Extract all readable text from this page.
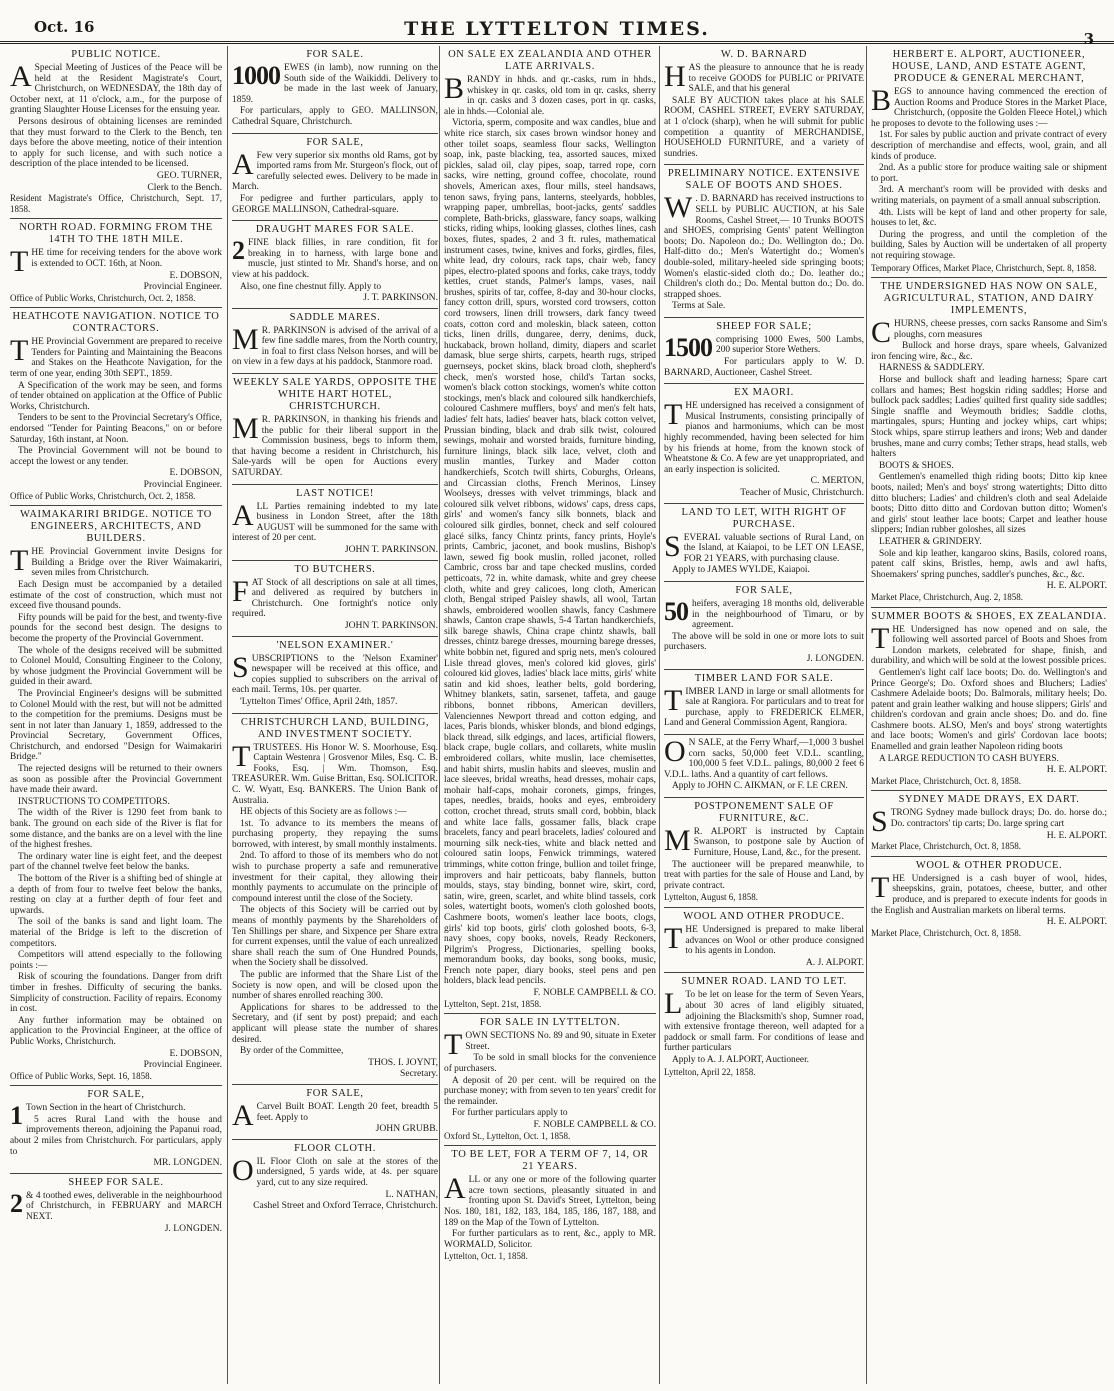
Oct. 16	THE LYTTELTON TIMES.	3
PUBLIC NOTICE.

A Special Meeting of Justices of the Peace will be held at the Resident Magistrate's Court, Christchurch, on WEDNESDAY, the 18th day of October next, at 11 o'clock, a.m., for the purpose of granting Slaughter House Licenses for the ensuing year.

Persons desirous of obtaining licenses are reminded that they must forward to the Clerk to the Bench, ten days before the above meeting, notice of their intention to apply for such license, and with such notice a description of the place intended to be licensed.

GEO. TURNER,
Clerk to the Bench.
Resident Magistrate's Office, Christchurch, Sept. 17, 1858.
NORTH ROAD. FORMING FROM THE 14TH TO THE 18TH MILE.

THE time for receiving tenders for the above work is extended to OCT. 16th, at Noon.

E. DOBSON,
Provincial Engineer.
Office of Public Works, Christchurch, Oct. 2, 1858.
HEATHCOTE NAVIGATION. NOTICE TO CONTRACTORS.

THE Provincial Government are prepared to receive Tenders for Painting and Maintaining the Beacons and Stakes on the Heathcote Navigation, for the term of one year, ending 30th SEPT., 1859.

A Specification of the work may be seen, and forms of tender obtained on application at the Office of Public Works, Christchurch.

Tenders to be sent to the Provincial Secretary's Office, endorsed "Tender for Painting Beacons," on or before Saturday, 16th instant, at Noon.

The Provincial Government will not be bound to accept the lowest or any tender.

E. DOBSON,
Provincial Engineer.
Office of Public Works, Christchurch, Oct. 2, 1858.
WAIMAKARIRI BRIDGE. NOTICE TO ENGINEERS, ARCHITECTS, AND BUILDERS.

THE Provincial Government invite Designs for Building a Bridge over the River Waimakariri, seven miles from Christchurch.

Each Design must be accompanied by a detailed estimate of the cost of construction, which must not exceed five thousand pounds.

Fifty pounds will be paid for the best, and twenty-five pounds for the second best design. The designs to become the property of the Provincial Government.

The whole of the designs received will be submitted to Colonel Mould, Consulting Engineer to the Colony, by whose judgment the Provincial Government will be guided in their award.

The Provincial Engineer's designs will be submitted to Colonel Mould with the rest, but will not be admitted to the competition for the premiums. Designs must be sent in not later than January 1, 1859, addressed to the Provincial Secretary, Government Offices, Christchurch, and endorsed "Design for Waimakariri Bridge."

The rejected designs will be returned to their owners as soon as possible after the Provincial Government have made their award.

INSTRUCTIONS TO COMPETITORS.

The width of the River is 1290 feet from bank to bank. The ground on each side of the River is flat for some distance, and the banks are on a level with the line of the highest freshes.

The ordinary water line is eight feet, and the deepest part of the channel twelve feet below the banks.

The bottom of the River is a shifting bed of shingle at a depth of from four to twelve feet below the banks, resting on clay at a further depth of four feet and upwards.

The soil of the banks is sand and light loam. The material of the Bridge is left to the discretion of competitors.

Competitors will attend especially to the following points :—

Risk of scouring the foundations. Danger from drift timber in freshes. Difficulty of securing the banks. Simplicity of construction. Facility of repairs. Economy in cost.

Any further information may be obtained on application to the Provincial Engineer, at the office of Public Works, Christchurch.

E. DOBSON,
Provincial Engineer.
Office of Public Works, Sept. 16, 1858.
FOR SALE,

1 Town Section in the heart of Christchurch.

5 acres Rural Land with the house and improvements thereon, adjoining the Papanui road, about 2 miles from Christchurch. For particulars, apply to

MR. LONGDEN.
SHEEP FOR SALE.

2 & 4 toothed ewes, deliverable in the neighbourhood of Christchurch, in FEBRUARY and MARCH NEXT.

J. LONGDEN.
FOR SALE.

1000 EWES (in lamb), now running on the South side of the Waikiddi. Delivery to be made in the last week of January, 1859.

For particulars, apply to GEO. MALLINSON, Cathedral Square, Christchurch.

FOR SALE,

A Few very superior six months old Rams, got by imported rams from Mr. Sturgeon's flock, out of carefully selected ewes. Delivery to be made in March.

For pedigree and further particulars, apply to GEORGE MALLINSON, Cathedral-square.

DRAUGHT MARES FOR SALE.

2 FINE black fillies, in rare condition, fit for breaking in to harness, with large bone and muscle, just stinted to Mr. Shand's horse, and on view at his paddock.

Also, one fine chestnut filly. Apply to

J. T. PARKINSON.
SADDLE MARES.

M R. PARKINSON is advised of the arrival of a few fine saddle mares, from the North country, in foal to first class Nelson horses, and will be on view in a few days at his paddock, Stanmore road.

WEEKLY SALE YARDS, OPPOSITE THE WHITE HART HOTEL, CHRISTCHURCH.

M R. PARKINSON, in thanking his friends and the public for their liberal support in the Commission business, begs to inform them, that having become a resident in Christchurch, his Sale-yards will be open for Auctions every SATURDAY.

LAST NOTICE!

ALL Parties remaining indebted to my late business in London Street, after the 18th AUGUST will be summoned for the same with interest of 20 per cent.

JOHN T. PARKINSON.
TO BUTCHERS.

FAT Stock of all descriptions on sale at all times, and delivered as required by butchers in Christchurch. One fortnight's notice only required.

JOHN T. PARKINSON.
'NELSON EXAMINER.'

SUBSCRIPTIONS to the 'Nelson Examiner' newspaper will be received at this office, and copies supplied to subscribers on the arrival of each mail. Terms, 10s. per quarter.

'Lyttelton Times' Office, April 24th, 1857.

CHRISTCHURCH LAND, BUILDING, AND INVESTMENT SOCIETY.

TTRUSTEES. His Honor W. S. Moorhouse, Esq. Captain Westenra | Grosvenor Miles, Esq. C. B. Fooks, Esq. | Wm. Thomson, Esq. TREASURER. Wm. Guise Brittan, Esq. SOLICITOR. C. W. Wyatt, Esq. BANKERS. The Union Bank of Australia.

HE objects of this Society are as follows :—

1st. To advance to its members the means of purchasing property, they repaying the sums borrowed, with interest, by small monthly instalments.

2nd. To afford to those of its members who do not wish to purchase property a safe and remunerative investment for their capital, they allowing their monthly payments to accumulate on the principle of compound interest until the close of the Society.

The objects of this Society will be carried out by means of monthly payments by the Shareholders of Ten Shillings per share, and Sixpence per Share extra for current expenses, until the value of each unrealized share shall reach the sum of One Hundred Pounds, when the Society shall be dissolved.

The public are informed that the Share List of the Society is now open, and will be closed upon the number of shares enrolled reaching 300.

Applications for shares to be addressed to the Secretary, and (if sent by post) prepaid; and each applicant will please state the number of shares desired.

By order of the Committee,

THOS. I. JOYNT,
Secretary.
FOR SALE,

A Carvel Built BOAT. Length 20 feet, breadth 5 feet. Apply to

JOHN GRUBB.
FLOOR CLOTH.

OIL Floor Cloth on sale at the stores of the undersigned, 5 yards wide, at 4s. per square yard, cut to any size required.

L. NATHAN,
Cashel Street and Oxford Terrace, Christchurch.
ON SALE EX ZEALANDIA AND OTHER LATE ARRIVALS.

BRANDY in hhds. and qr.-casks, rum in hhds., whiskey in qr. casks, old tom in qr. casks, sherry in qr. casks and 3 dozen cases, port in qr. casks, ale in hhds.—Colonial ale.

Victoria, sperm, composite and wax candles, blue and white rice starch, six cases brown windsor honey and other toilet soaps, seamless flour sacks, Wellington soap, ink, paste blacking, tea, assorted sauces, mixed pickles, salad oil, clay pipes, soap, tarred rope, corn sacks, wire netting, ground coffee, chocolate, round shovels, American axes, flour mills, steel handsaws, tenon saws, frying pans, lanterns, steelyards, hobbles, wrapping paper, umbrellas, boot-jacks, gents' saddles complete, Bath-bricks, glassware, fancy soaps, walking sticks, riding whips, looking glasses, clothes lines, cash boxes, flutes, spades, 2 and 3 ft. rules, mathematical instrument cases, twine, knives and forks, girdles, files, white lead, dry colours, rack taps, chair web, fancy pipes, electro-plated spoons and forks, cake trays, toddy kettles, cruet stands, Palmer's lamps, vases, nail brushes, spirits of tar, coffee, 8-day and 30-hour clocks, fancy cotton drill, spurs, worsted cord trowsers, cotton cord trowsers, linen drill trowsers, dark fancy tweed coats, cotton cord and moleskin, black sateen, cotton ticks, linen drills, dungaree, derry, denims, duck, huckaback, brown holland, dimity, diapers and scarlet damask, blue serge shirts, carpets, hearth rugs, striped guernseys, pocket skins, black broad cloth, shepherd's check, men's worsted hose, child's Tartan socks, women's black cotton stockings, women's white cotton stockings, men's black and coloured silk handkerchiefs, coloured Cashmere mufflers, boys' and men's felt hats, ladies' felt hats, ladies' beaver hats, black cotton velvet, Prussian binding, black and drab silk twist, coloured sewings, mohair and worsted braids, furniture binding, furniture linings, black silk lace, velvet, cloth and muslin mantles, Turkey and Mader cotton handkerchiefs, Scotch twill shirts, Coburghs, Orleans, and Circassian cloths, French Merinos, Linsey Woolseys, dresses with velvet trimmings, black and coloured silk velvet ribbons, widows' caps, dress caps, girls' and women's fancy silk bonnets, black and coloured silk girdles, bonnet, check and self coloured glacé silks, fancy Chintz prints, fancy prints, Hoyle's prints, Cambric, jaconet, and book muslins, Bishop's lawn, sewed fig book muslin, rolled jaconet, rolled Cambric, cross bar and tape checked muslins, corded petticoats, 72 in. white damask, white and grey cheese cloth, white and grey calicoes, long cloth, American cloth, Bengal striped Paisley shawls, all wool, Tartan shawls, embroidered woollen shawls, fancy Cashmere shawls, Canton crape shawls, 5-4 Tartan handkerchiefs, silk barege shawls, China crape chintz shawls, ball dresses, chintz barege dresses, mourning barege dresses, white bobbin net, figured and sprig nets, men's coloured Lisle thread gloves, men's colored kid gloves, girls' coloured kid gloves, ladies' black lace mitts, girls' white satin and kid shoes, leather belts, gold bordering, Whitney blankets, satin, sarsenet, taffeta, and gauge ribbons, bonnet ribbons, American devillers, Valenciennes Newport thread and cotton edging, and laces, Paris blonds, whisker blonds, and blond edgings, black thread, silk edgings, and laces, artificial flowers, black crape, bugle collars, and collarets, white muslin embroidered collars, white muslin, lace chemisettes, and habit shirts, muslin habits and sleeves, muslin and lace sleeves, bridal wreaths, head dresses, mohair caps, mohair half-caps, mohair coronets, gimps, fringes, tapes, needles, braids, hooks and eyes, embroidery cotton, crochet thread, struts small cord, bobbin, black and white lace falls, gossamer falls, black crape bracelets, fancy and pearl bracelets, ladies' coloured and mourning silk neck-ties, white and black netted and coloured satin loops, Fenwick trimmings, watered trimmings, white cotton fringe, bullion and toilet fringe, improvers and hair petticoats, baby flannels, button moulds, stays, stay binding, bonnet wire, skirt, cord, satin, wire, green, scarlet, and white blind tassels, cork soles, watertight boots, women's cloth goloshed boots, Cashmere boots, women's leather lace boots, clogs, girls' kid top boots, girls' cloth goloshed boots, 6-3, navy shoes, copy books, novels, Ready Reckoners, Pilgrim's Progress, Dictionaries, spelling books, memorandum books, day books, song books, music, French note paper, diary books, steel pens and pen holders, black lead pencils.

F. NOBLE CAMPBELL & CO.
Lyttelton, Sept. 21st, 1858.
FOR SALE IN LYTTELTON.

TOWN SECTIONS No. 89 and 90, situate in Exeter Street.

To be sold in small blocks for the convenience of purchasers.

A deposit of 20 per cent. will be required on the purchase money; with from seven to ten years' credit for the remainder.

For further particulars apply to

F. NOBLE CAMPBELL & CO.
Oxford St., Lyttelton, Oct. 1, 1858.
TO BE LET, FOR A TERM OF 7, 14, OR 21 YEARS.

ALL or any one or more of the following quarter acre town sections, pleasantly situated in and fronting upon St. David's Street, Lyttelton, being Nos. 180, 181, 182, 183, 184, 185, 186, 187, 188, and 189 on the Map of the Town of Lyttelton.

For further particulars as to rent, &c., apply to MR. WORMALD, Solicitor.

Lyttelton, Oct. 1, 1858.
W. D. BARNARD

HAS the pleasure to announce that he is ready to receive GOODS for PUBLIC or PRIVATE SALE, and that his general

SALE BY AUCTION takes place at his SALE ROOM, CASHEL STREET, EVERY SATURDAY, at 1 o'clock (sharp), when he will submit for public competition a quantity of MERCHANDISE, HOUSEHOLD FURNITURE, and a variety of sundries.

PRELIMINARY NOTICE. EXTENSIVE SALE OF BOOTS AND SHOES.

W . D. BARNARD has received instructions to SELL by PUBLIC AUCTION, at his Sale Rooms, Cashel Street,— 10 Trunks BOOTS and SHOES, comprising Gents' patent Wellington boots; Do. Napoleon do.; Do. Wellington do.; Do. Half-ditto do.; Men's Watertight do.; Women's double-soled, military-heeled side springing boots; Women's elastic-sided cloth do.; Do. leather do.; Children's cloth do.; Do. Mental button do.; Do. do. strapped shoes.

Terms at Sale.

SHEEP FOR SALE;

1500 comprising 1000 Ewes, 500 Lambs, 200 superior Store Wethers.

For particulars apply to W. D. BARNARD, Auctioneer, Cashel Street.

EX MAORI.

THE undersigned has received a consignment of Musical Instruments, consisting principally of pianos and harmoniums, which can be most highly recommended, having been selected for him by his friends at home, from the known stock of Wheatstone & Co. A few are yet unappropriated, and an early inspection is solicited.

C. MERTON,
Teacher of Music, Christchurch.
LAND TO LET, WITH RIGHT OF PURCHASE.

SEVERAL valuable sections of Rural Land, on the Island, at Kaiapoi, to be LET ON LEASE, FOR 21 YEARS, with purchasing clause.

Apply to JAMES WYLDE, Kaiapoi.

FOR SALE,

50 heifers, averaging 18 months old, deliverable in the neighbourhood of Timaru, or by agreement.

The above will be sold in one or more lots to suit purchasers.

J. LONGDEN.
TIMBER LAND FOR SALE.

TIMBER LAND in large or small allotments for sale at Rangiora. For particulars and to treat for purchase, apply to FREDERICK ELMER, Land and General Commission Agent, Rangiora.

O N SALE, at the Ferry Wharf,—1,000 3 bushel corn sacks, 50,000 feet V.D.L. scantling, 100,000 5 feet V.D.L. palings, 80,000 2 feet 6 V.D.L. laths. And a quantity of cart fellows.

Apply to JOHN C. AIKMAN, or F. LE CREN.

POSTPONEMENT SALE OF FURNITURE, &C.

M R. ALPORT is instructed by Captain Swanson, to postpone sale by Auction of Furniture, House, Land, &c., for the present.

The auctioneer will be prepared meanwhile, to treat with parties for the sale of House and Land, by private contract.

Lyttelton, August 6, 1858.
WOOL AND OTHER PRODUCE.

THE Undersigned is prepared to make liberal advances on Wool or other produce consigned to his agents in London.

A. J. ALPORT.
SUMNER ROAD. LAND TO LET.

L To be let on lease for the term of Seven Years, about 30 acres of land eligibly situated, adjoining the Blacksmith's shop, Sumner road, with extensive frontage thereon, well adapted for a paddock or small farm. For conditions of lease and further particulars

Apply to A. J. ALPORT, Auctioneer.

Lyttelton, April 22, 1858.
HERBERT E. ALPORT, AUCTIONEER, HOUSE, LAND, AND ESTATE AGENT, PRODUCE & GENERAL MERCHANT,

BEGS to announce having commenced the erection of Auction Rooms and Produce Stores in the Market Place, Christchurch, (opposite the Golden Fleece Hotel,) which he proposes to devote to the following uses :—

1st. For sales by public auction and private contract of every description of merchandise and effects, wool, grain, and all kinds of produce.

2nd. As a public store for produce waiting sale or shipment to port.

3rd. A merchant's room will be provided with desks and writing materials, on payment of a small annual subscription.

4th. Lists will be kept of land and other property for sale, houses to let, &c.

During the progress, and until the completion of the building, Sales by Auction will be undertaken of all property not requiring stowage.

Temporary Offices, Market Place, Christchurch, Sept. 8, 1858.
THE UNDERSIGNED HAS NOW ON SALE, AGRICULTURAL, STATION, AND DAIRY IMPLEMENTS,

CHURNS, cheese presses, corn sacks Ransome and Sim's ploughs, corn measures

Bullock and horse drays, spare wheels, Galvanized iron fencing wire, &c., &c.

HARNESS & SADDLERY.

Horse and bullock shaft and leading harness; Spare cart collars and hames; Best hogskin riding saddles; Horse and bullock pack saddles; Ladies' quilted first quality side saddles; Single snaffle and Weymouth bridles; Saddle cloths, martingales, spurs; Hunting and jockey whips, cart whips; Stock whips, spare stirrup leathers and irons; Web and dander brushes, mane and curry combs; Tether straps, head stalls, web halters

BOOTS & SHOES.

Gentlemen's enamelled thigh riding boots; Ditto kip knee boots, nailed; Men's and boys' strong watertights; Ditto ditto ditto bluchers; Ladies' and children's cloth and seal Adelaide boots; Ditto ditto ditto and Cordovan button ditto; Women's and girls' stout leather lace boots; Carpet and leather house slippers; Indian rubber goloshes, all sizes

LEATHER & GRINDERY.

Sole and kip leather, kangaroo skins, Basils, colored roans, patent calf skins, Bristles, hemp, awls and awl hafts, Shoemakers' spring punches, saddler's punches, &c., &c.

H. E. ALPORT.
Market Place, Christchurch, Aug. 2, 1858.
SUMMER BOOTS & SHOES, EX ZEALANDIA.

THE Undersigned has now opened and on sale, the following well assorted parcel of Boots and Shoes from London markets, celebrated for shape, finish, and durability, and which will be sold at the lowest possible prices.

Gentlemen's light calf lace boots; Do. do. Wellington's and Prince George's; Do. Oxford shoes and Bluchers; Ladies' Cashmere Adelaide boots; Do. Balmorals, military heels; Do. patent and grain leather walking and house slippers; Girls' and children's cordovan and grain ancle shoes; Do. and do. fine Cashmere boots. ALSO, Men's and boys' strong watertights and lace boots; Women's and girls' Cordovan lace boots; Enamelled and grain leather Napoleon riding boots

A LARGE REDUCTION TO CASH BUYERS.

H. E. ALPORT.
Market Place, Christchurch, Oct. 8, 1858.
SYDNEY MADE DRAYS, EX DART.

STRONG Sydney made bullock drays; Do. do. horse do.; Do. contractors' tip carts; Do. large spring cart

H. E. ALPORT.
Market Place, Christchurch, Oct. 8, 1858.
WOOL & OTHER PRODUCE.

THE Undersigned is a cash buyer of wool, hides, sheepskins, grain, potatoes, cheese, butter, and other produce, and is prepared to execute indents for goods in the English and Australian markets on liberal terms.

H. E. ALPORT.
Market Place, Christchurch, Oct. 8, 1858.
